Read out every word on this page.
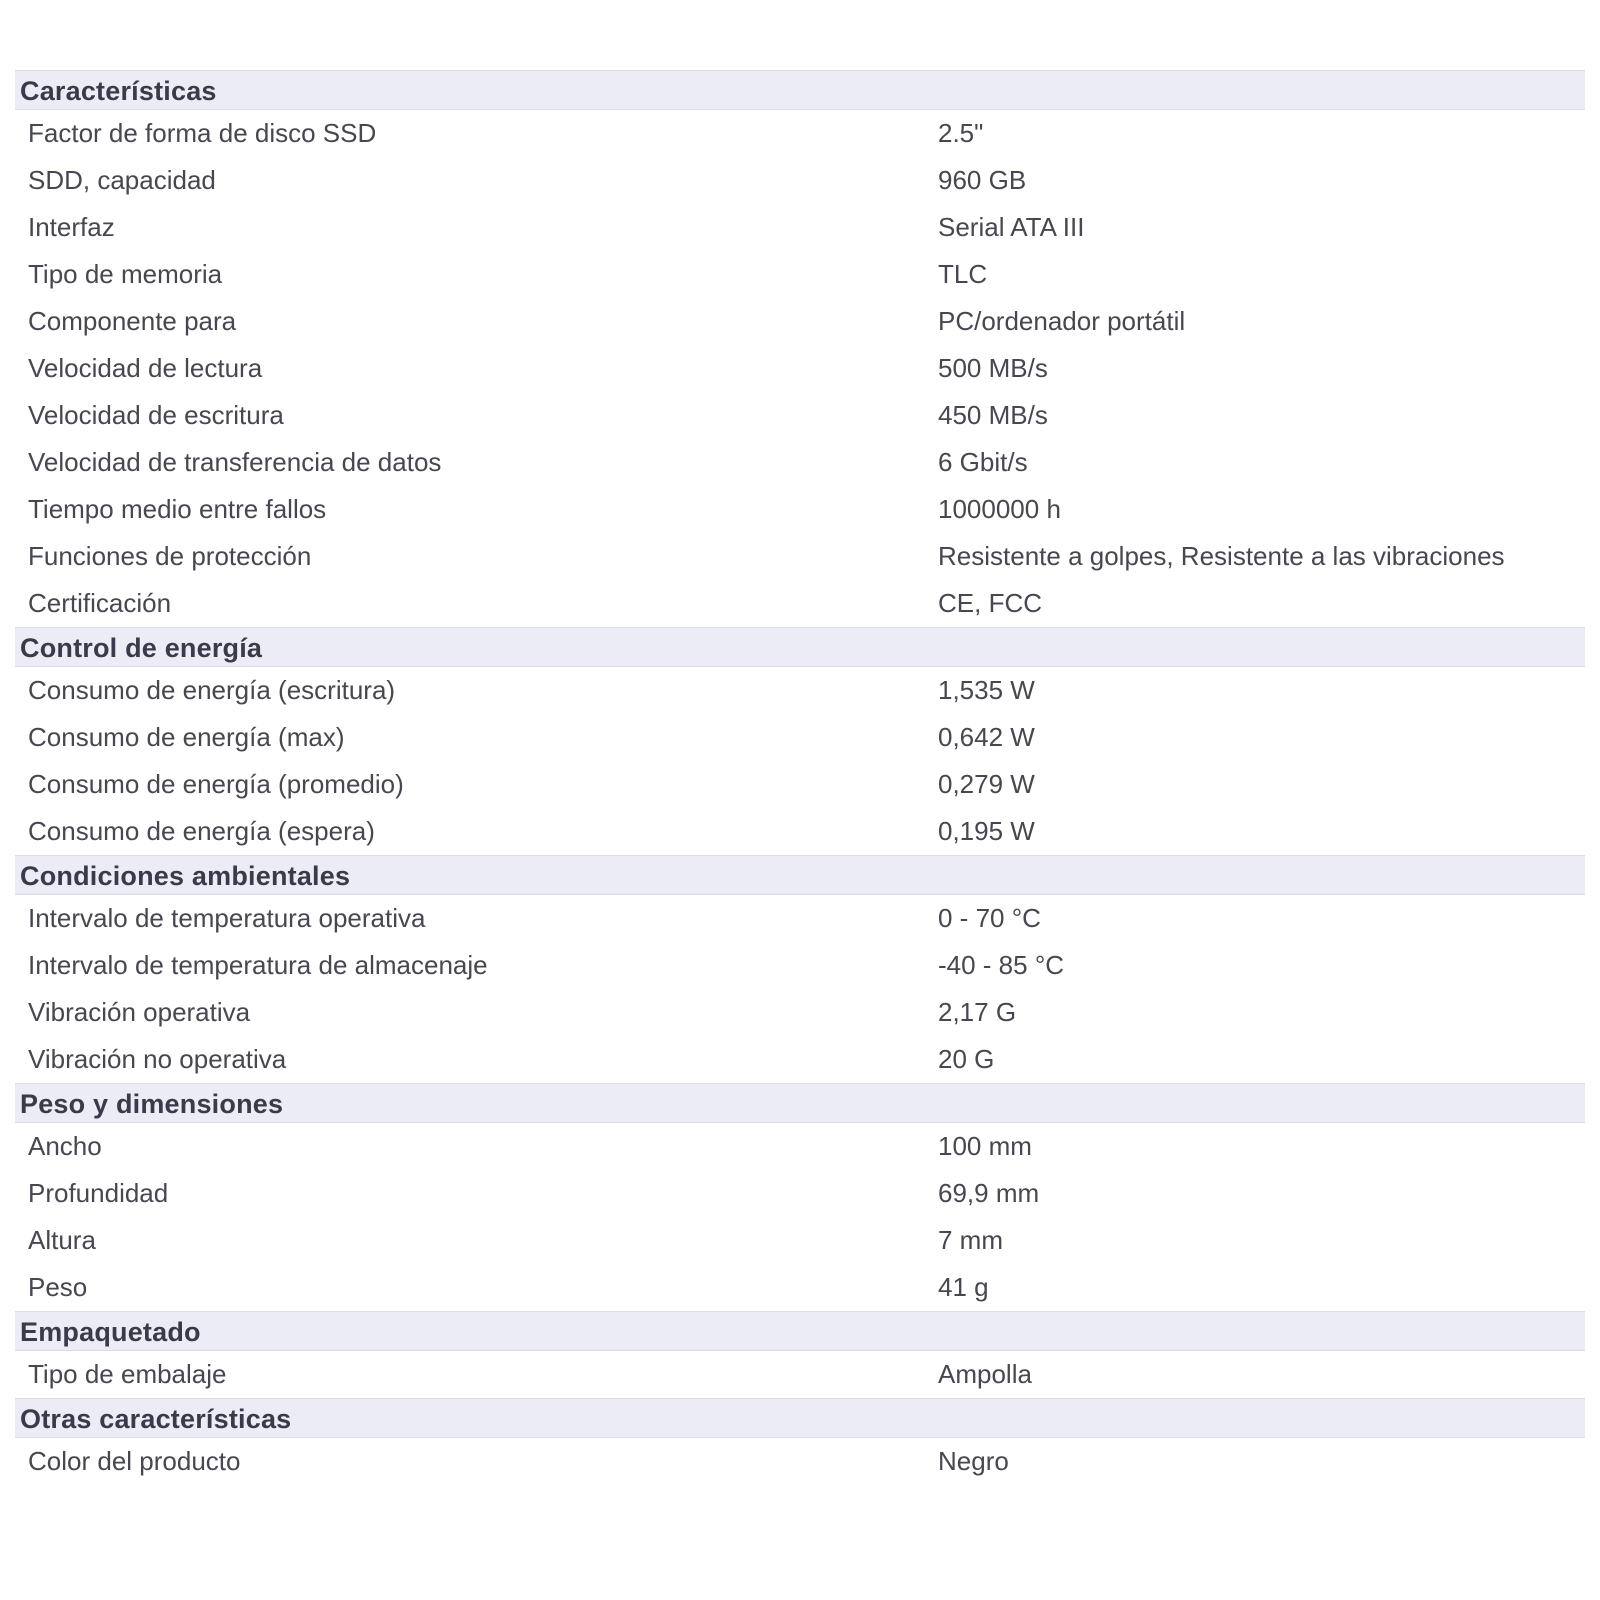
Características
Factor de forma de disco SSD	2.5"
SDD, capacidad	960 GB
Interfaz	Serial ATA III
Tipo de memoria	TLC
Componente para	PC/ordenador portátil
Velocidad de lectura	500 MB/s
Velocidad de escritura	450 MB/s
Velocidad de transferencia de datos	6 Gbit/s
Tiempo medio entre fallos	1000000 h
Funciones de protección	Resistente a golpes, Resistente a las vibraciones
Certificación	CE, FCC
Control de energía
Consumo de energía (escritura)	1,535 W
Consumo de energía (max)	0,642 W
Consumo de energía (promedio)	0,279 W
Consumo de energía (espera)	0,195 W
Condiciones ambientales
Intervalo de temperatura operativa	0 - 70 °C
Intervalo de temperatura de almacenaje	-40 - 85 °C
Vibración operativa	2,17 G
Vibración no operativa	20 G
Peso y dimensiones
Ancho	100 mm
Profundidad	69,9 mm
Altura	7 mm
Peso	41 g
Empaquetado
Tipo de embalaje	Ampolla
Otras características
Color del producto	Negro
